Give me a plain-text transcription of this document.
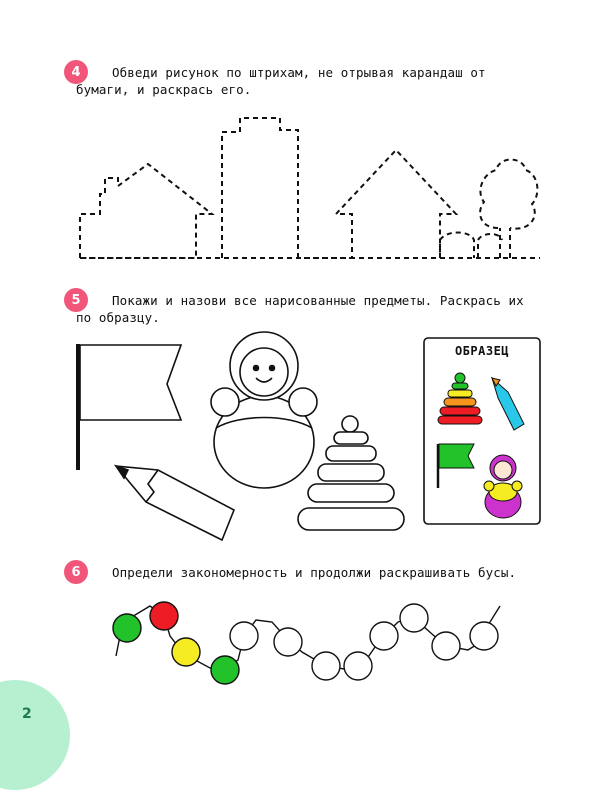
4	Обведи рисунок по штрихам, не отрывая карандаш от бумаги, и раскрась его.
5	Покажи и назови все нарисованные предметы. Раскрась их по образцу.
ОБРАЗЕЦ
6	Определи закономерность и продолжи раскрашивать бусы.
2
